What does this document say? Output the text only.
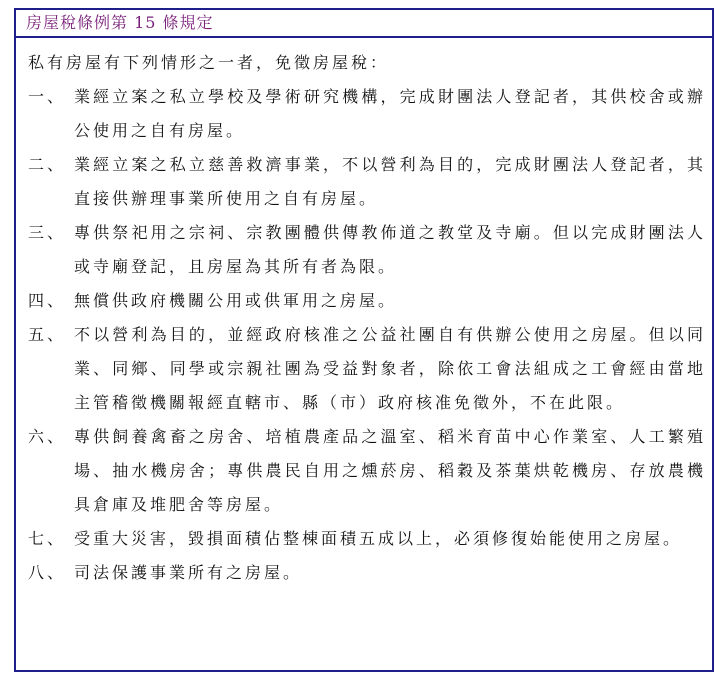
房屋稅條例第 15 條規定

私有房屋有下列情形之一者，免徵房屋稅：

一、 業經立案之私立學校及學術研究機構，完成財團法人登記者，其供校舍或辦公使用之自有房屋。
二、 業經立案之私立慈善救濟事業，不以營利為目的，完成財團法人登記者，其直接供辦理事業所使用之自有房屋。
三、 專供祭祀用之宗祠、宗教團體供傳教佈道之教堂及寺廟。但以完成財團法人或寺廟登記，且房屋為其所有者為限。
四、 無償供政府機關公用或供軍用之房屋。
五、 不以營利為目的，並經政府核准之公益社團自有供辦公使用之房屋。但以同業、同鄉、同學或宗親社團為受益對象者，除依工會法組成之工會經由當地主管稽徵機關報經直轄市、縣（市）政府核准免徵外，不在此限。
六、 專供飼養禽畜之房舍、培植農產品之溫室、稻米育苗中心作業室、人工繁殖場、抽水機房舍；專供農民自用之燻菸房、稻穀及茶葉烘乾機房、存放農機具倉庫及堆肥舍等房屋。
七、 受重大災害，毀損面積佔整棟面積五成以上，必須修復始能使用之房屋。
八、 司法保護事業所有之房屋。
